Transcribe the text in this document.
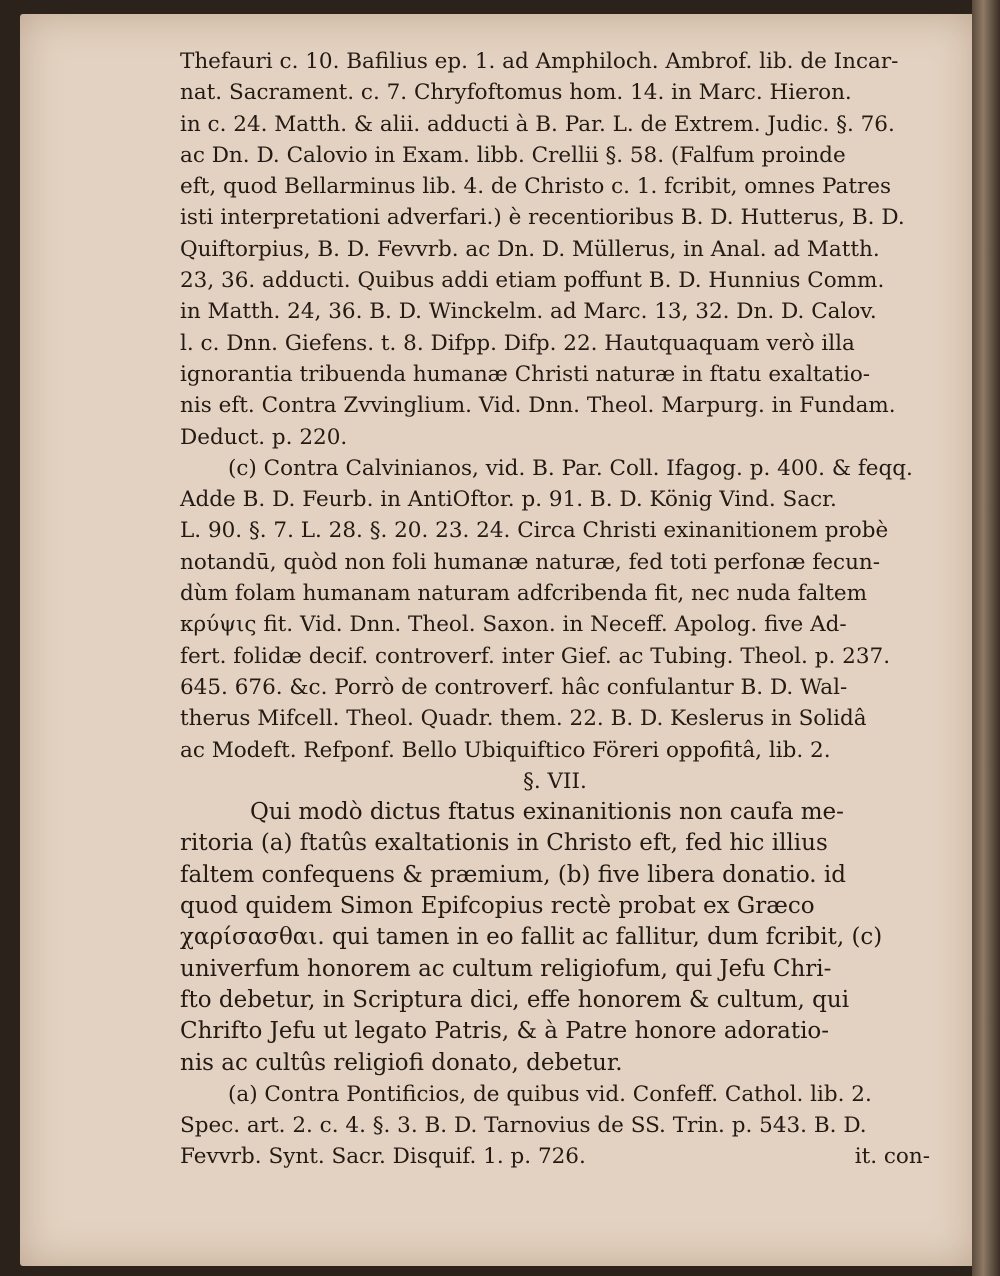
Thefauri c. 10. Bafilius ep. 1. ad Amphiloch. Ambrof. lib. de Incar-
nat. Sacrament. c. 7. Chryfoftomus hom. 14. in Marc. Hieron.
in c. 24. Matth. & alii. adducti à B. Par. L. de Extrem. Judic. §. 76.
ac Dn. D. Calovio in Exam. libb. Crellii §. 58. (Falfum proinde
eft, quod Bellarminus lib. 4. de Christo c. 1. fcribit, omnes Patres
isti interpretationi adverfari.) è recentioribus B. D. Hutterus, B. D.
Quiftorpius, B. D. Fevvrb. ac Dn. D. Müllerus, in Anal. ad Matth.
23, 36. adducti. Quibus addi etiam poffunt B. D. Hunnius Comm.
in Matth. 24, 36. B. D. Winckelm. ad Marc. 13, 32. Dn. D. Calov.
l. c. Dnn. Giefens. t. 8. Difpp. Difp. 22. Hautquaquam verò illa
ignorantia tribuenda humanæ Christi naturæ in ftatu exaltatio-
nis eft. Contra Zvvinglium. Vid. Dnn. Theol. Marpurg. in Fundam.
Deduct. p. 220.
(c) Contra Calvinianos, vid. B. Par. Coll. Ifagog. p. 400. & feqq.
Adde B. D. Feurb. in AntiOftor. p. 91. B. D. König Vind. Sacr.
L. 90. §. 7. L. 28. §. 20. 23. 24. Circa Christi exinanitionem probè
notandū, quòd non foli humanæ naturæ, fed toti perfonæ fecun-
dùm folam humanam naturam adfcribenda fit, nec nuda faltem
κρύψις fit. Vid. Dnn. Theol. Saxon. in Neceff. Apolog. five Ad-
fert. folidæ decif. controverf. inter Gief. ac Tubing. Theol. p. 237.
645. 676. &c. Porrò de controverf. hâc confulantur B. D. Wal-
therus Mifcell. Theol. Quadr. them. 22. B. D. Keslerus in Solidâ
ac Modeft. Refponf. Bello Ubiquiftico Föreri oppofitâ, lib. 2.
§. VII.
Qui modò dictus ftatus exinanitionis non caufa me-
ritoria (a) ftatûs exaltationis in Christo eft, fed hic illius
faltem confequens & præmium, (b) five libera donatio. id
quod quidem Simon Epifcopius rectè probat ex Græco
χαρίσασθαι. qui tamen in eo fallit ac fallitur, dum fcribit, (c)
univerfum honorem ac cultum religiofum, qui Jefu Chri-
fto debetur, in Scriptura dici, effe honorem & cultum, qui
Chrifto Jefu ut legato Patris, & à Patre honore adoratio-
nis ac cultûs religiofi donato, debetur.
(a) Contra Pontificios, de quibus vid. Confeff. Cathol. lib. 2.
Spec. art. 2. c. 4. §. 3. B. D. Tarnovius de SS. Trin. p. 543. B. D.
Fevvrb. Synt. Sacr. Disquif. 1. p. 726.	it. con-
